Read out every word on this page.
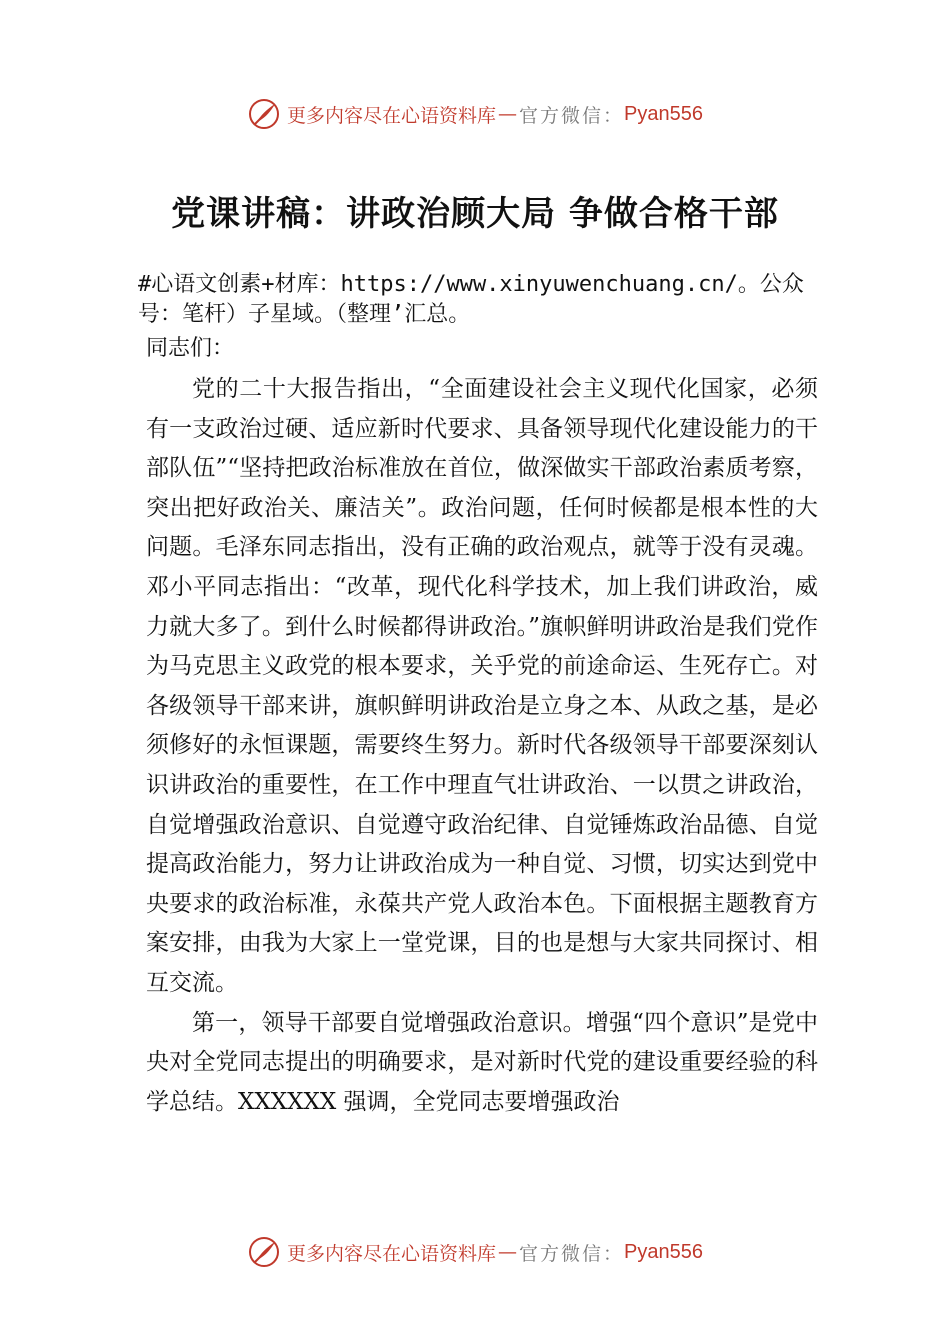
更多内容尽在心语资料库 — 官方微信： Pyan556
党课讲稿：讲政治顾大局 争做合格干部
#心语文创素+材库：https://www.xinyuwenchuang.cn/。公众号：笔杆）子星域。（整理’汇总。
同志们：

党的二十大报告指出，“全面建设社会主义现代化国家，必须有一支政治过硬、适应新时代要求、具备领导现代化建设能力的干部队伍”“坚持把政治标准放在首位，做深做实干部政治素质考察，突出把好政治关、廉洁关”。政治问题，任何时候都是根本性的大问题。毛泽东同志指出，没有正确的政治观点，就等于没有灵魂。邓小平同志指出：“改革，现代化科学技术，加上我们讲政治，威力就大多了。到什么时候都得讲政治。”旗帜鲜明讲政治是我们党作为马克思主义政党的根本要求，关乎党的前途命运、生死存亡。对各级领导干部来讲，旗帜鲜明讲政治是立身之本、从政之基，是必须修好的永恒课题，需要终生努力。新时代各级领导干部要深刻认识讲政治的重要性，在工作中理直气壮讲政治、一以贯之讲政治，自觉增强政治意识、自觉遵守政治纪律、自觉锤炼政治品德、自觉提高政治能力，努力让讲政治成为一种自觉、习惯，切实达到党中央要求的政治标准，永葆共产党人政治本色。下面根据主题教育方案安排，由我为大家上一堂党课，目的也是想与大家共同探讨、相互交流。

第一，领导干部要自觉增强政治意识。增强“四个意识”是党中央对全党同志提出的明确要求，是对新时代党的建设重要经验的科学总结。XXXXXX 强调，全党同志要增强政治

更多内容尽在心语资料库 — 官方微信： Pyan556
